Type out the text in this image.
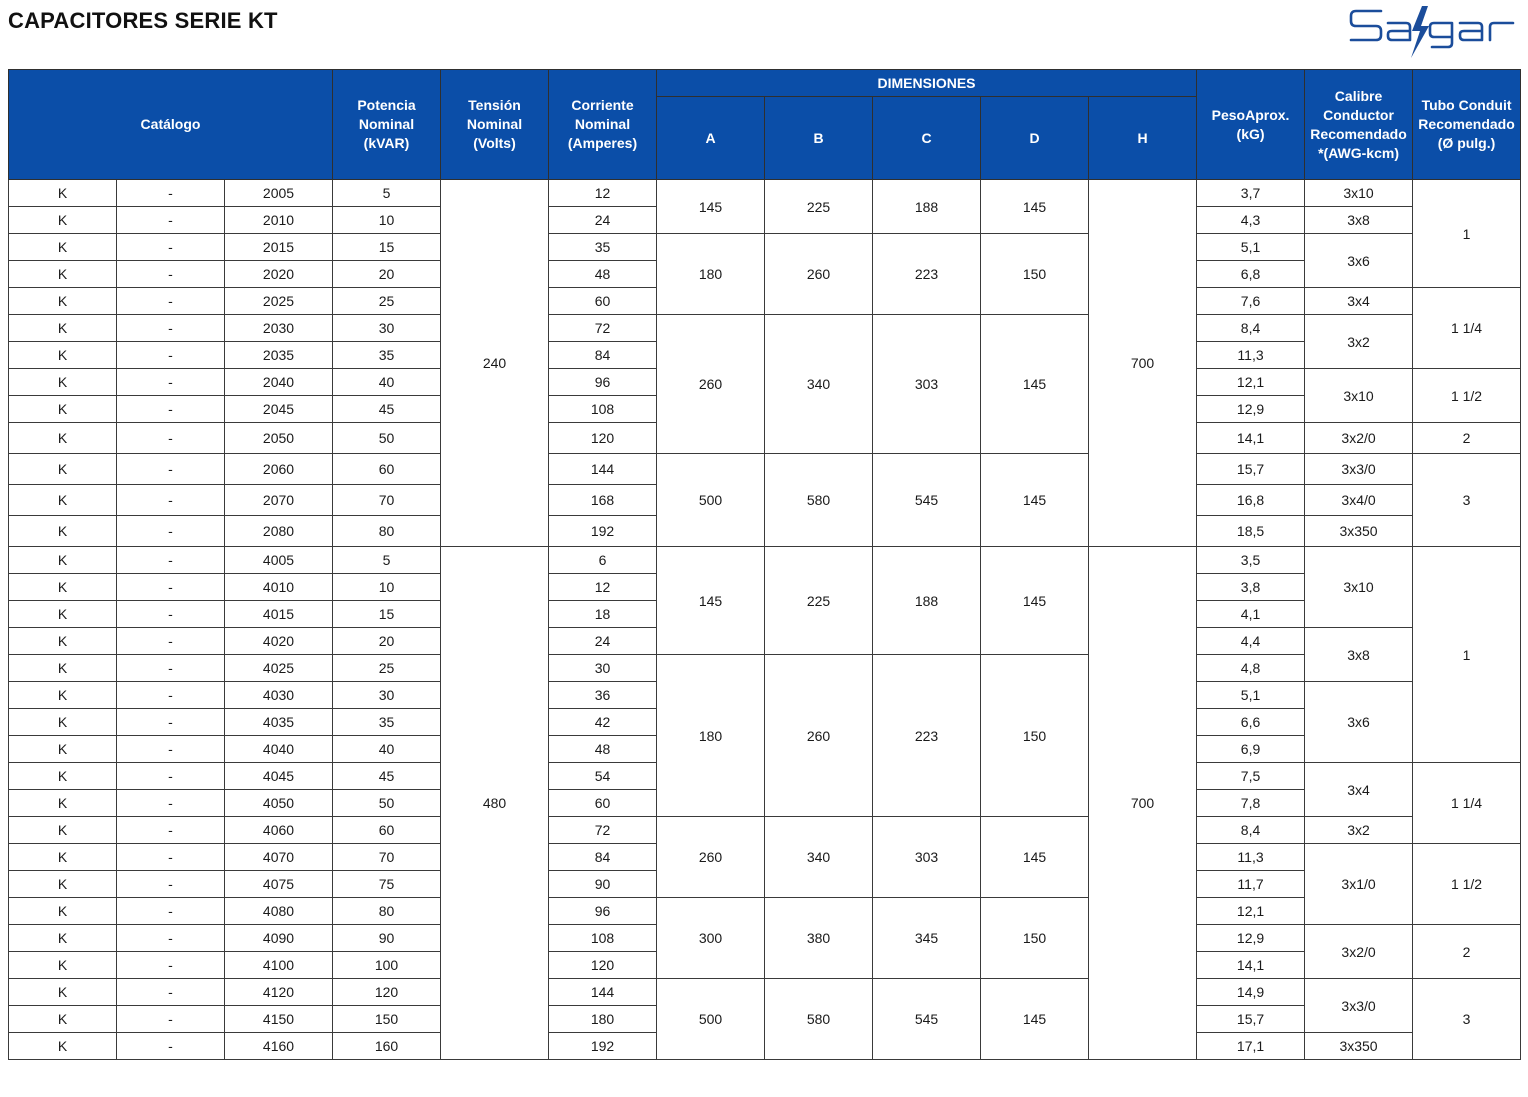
CAPACITORES SERIE KT
Catálogo			Potencia
Nominal
(kVAR)	Tensión
Nominal
(Volts)	Corriente
Nominal
(Amperes)	DIMENSIONES					PesoAprox.
(kG)	Calibre
Conductor
Recomendado
*(AWG-kcm)	Tubo Conduit
Recomendado
(Ø pulg.)
						A	B	C	D	H			
K	-	2005	5	240	12	145	225	188	145	700	3,7	3x10	1
K	-	2010	10		24						4,3	3x8	
K	-	2015	15		35	180	260	223	150		5,1	3x6	
K	-	2020	20		48						6,8		
K	-	2025	25		60						7,6	3x4	1 1/4
K	-	2030	30		72	260	340	303	145		8,4	3x2	
K	-	2035	35		84						11,3		
K	-	2040	40		96						12,1	3x10	1 1/2
K	-	2045	45		108						12,9		
K	-	2050	50		120						14,1	3x2/0	2
K	-	2060	60		144	500	580	545	145		15,7	3x3/0	3
K	-	2070	70		168						16,8	3x4/0	
K	-	2080	80		192						18,5	3x350	
K	-	4005	5	480	6	145	225	188	145	700	3,5	3x10	1
K	-	4010	10		12						3,8		
K	-	4015	15		18						4,1		
K	-	4020	20		24						4,4	3x8	
K	-	4025	25		30	180	260	223	150		4,8		
K	-	4030	30		36						5,1	3x6	
K	-	4035	35		42						6,6		
K	-	4040	40		48						6,9		
K	-	4045	45		54						7,5	3x4	1 1/4
K	-	4050	50		60						7,8		
K	-	4060	60		72	260	340	303	145		8,4	3x2	
K	-	4070	70		84						11,3	3x1/0	1 1/2
K	-	4075	75		90						11,7		
K	-	4080	80		96	300	380	345	150		12,1		
K	-	4090	90		108						12,9	3x2/0	2
K	-	4100	100		120						14,1		
K	-	4120	120		144	500	580	545	145		14,9	3x3/0	3
K	-	4150	150		180						15,7		
K	-	4160	160		192						17,1	3x350	
